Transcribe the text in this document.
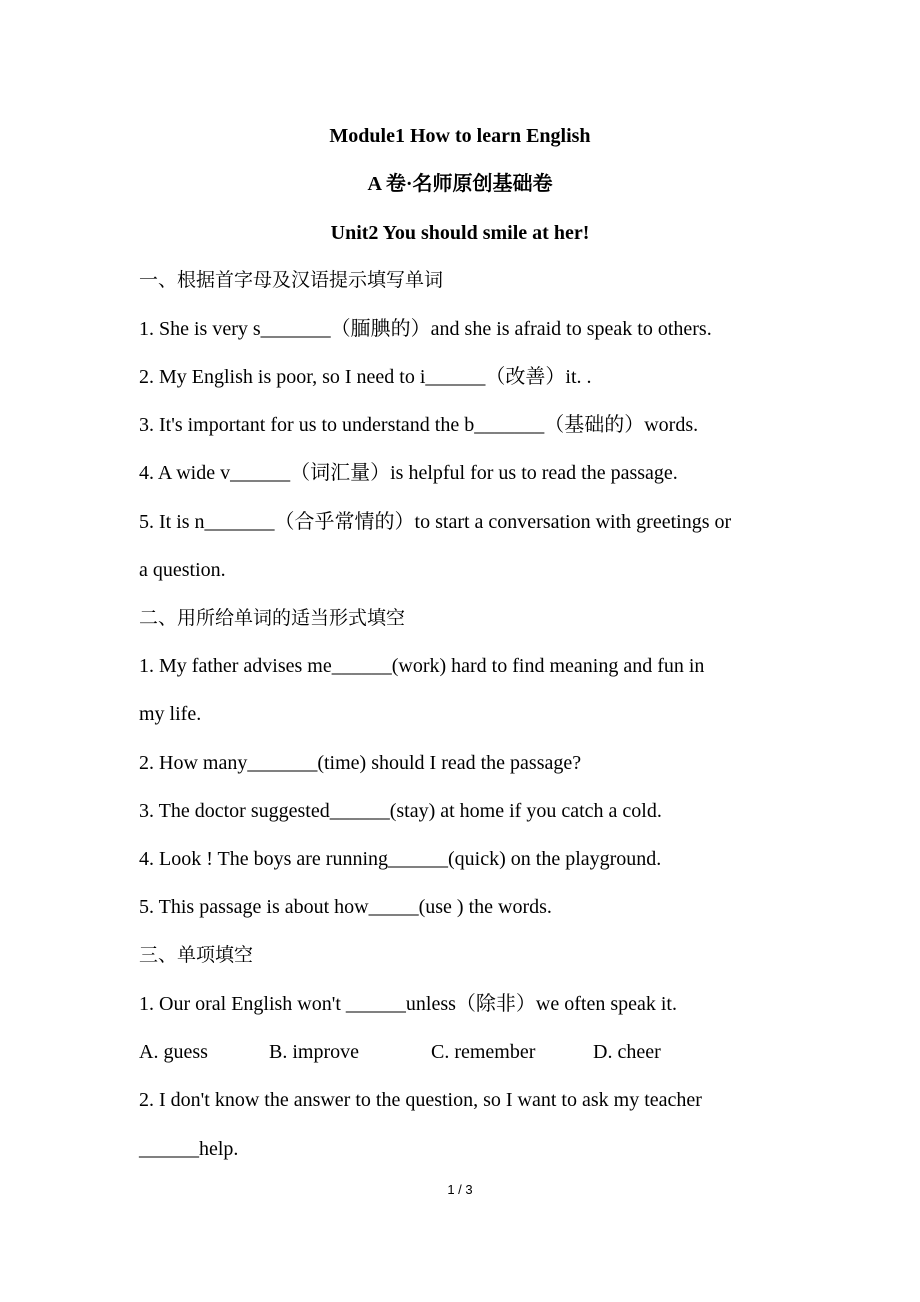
Module1 How to learn English
A 卷·名师原创基础卷
Unit2 You should smile at her!
一、根据首字母及汉语提示填写单词
1. She is very s_______（腼腆的）and she is afraid to speak to others.
2. My English is poor, so I need to i______（改善）it. .
3. It's important for us to understand the b_______（基础的）words.
4. A wide v______（词汇量）is helpful for us to read the passage.
5. It is n_______（合乎常情的）to start a conversation with greetings or
a question.
二、用所给单词的适当形式填空
1. My father advises me______(work) hard to find meaning and fun in
my life.
2. How many_______(time) should I read the passage?
3. The doctor suggested______(stay) at home if you catch a cold.
4. Look ! The boys are running______(quick) on the playground.
5. This passage is about how_____(use ) the words.
三、单项填空
1. Our oral English won't ______unless（除非）we often speak it.
A. guess	B. improve	C. remember	D. cheer
2. I don't know the answer to the question, so I want to ask my teacher
______help.
1 / 3
